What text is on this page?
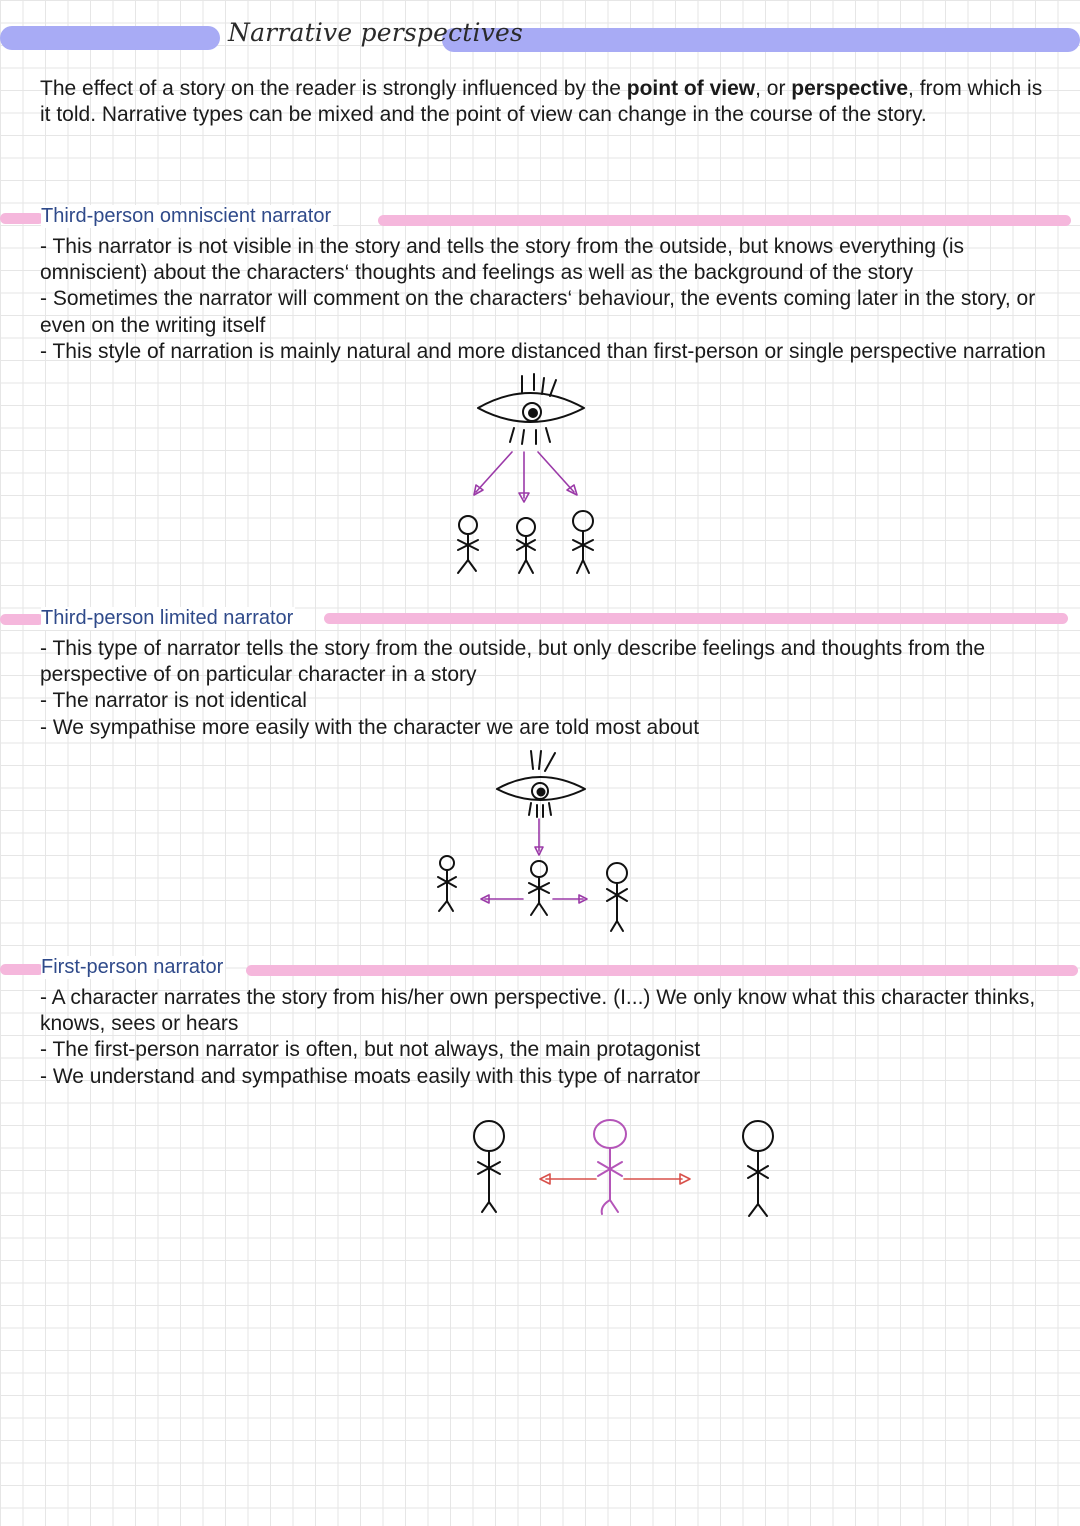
Narrative perspectives

The effect of a story on the reader is strongly influenced by the point of view, or perspective, from which is it told. Narrative types can be mixed and the point of view can change in the course of the story.

Third-person omniscient narrator
- This narrator is not visible in the story and tells the story from the outside, but knows everything (is omniscient) about the characters‘ thoughts and feelings as well as the background of the story
- Sometimes the narrator will comment on the characters‘ behaviour, the events coming later in the story, or even on the writing itself
- This style of narration is mainly natural and more distanced than first-person or single perspective narration
Third-person limited narrator
- This type of narrator tells the story from the outside, but only describe feelings and thoughts from the perspective of on particular character in a story
- The narrator is not identical
- We sympathise more easily with the character we are told most about
First-person narrator
- A character narrates the story from his/her own perspective. (I...) We only know what this character thinks, knows, sees or hears
- The first-person narrator is often, but not always, the main protagonist
- We understand and sympathise moats easily with this type of narrator
